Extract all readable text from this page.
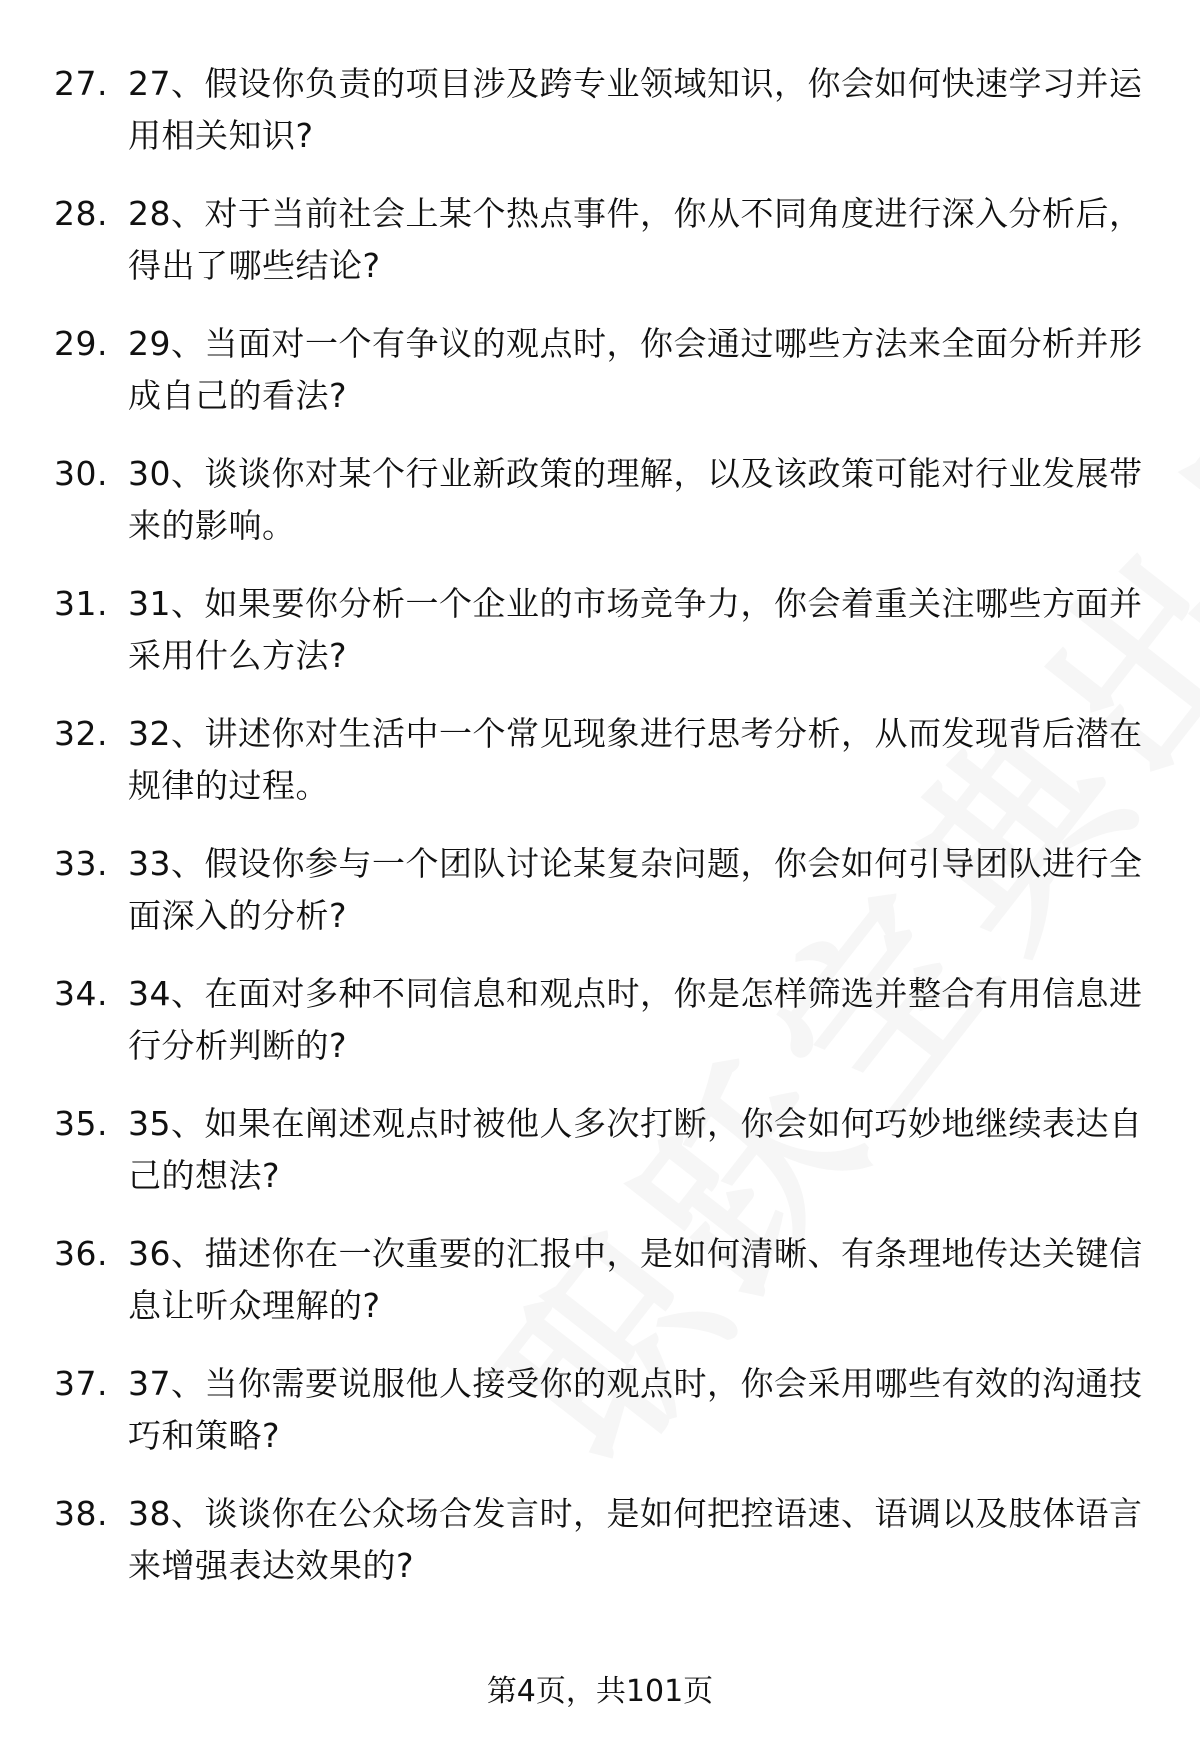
27. 27、假设你负责的项目涉及跨专业领域知识，你会如何快速学习并运用相关知识?
28. 28、对于当前社会上某个热点事件，你从不同角度进行深入分析后，得出了哪些结论?
29. 29、当面对一个有争议的观点时，你会通过哪些方法来全面分析并形成自己的看法?
30. 30、谈谈你对某个行业新政策的理解，以及该政策可能对行业发展带来的影响。
31. 31、如果要你分析一个企业的市场竞争力，你会着重关注哪些方面并采用什么方法?
32. 32、讲述你对生活中一个常见现象进行思考分析，从而发现背后潜在规律的过程。
33. 33、假设你参与一个团队讨论某复杂问题，你会如何引导团队进行全面深入的分析?
34. 34、在面对多种不同信息和观点时，你是怎样筛选并整合有用信息进行分析判断的?
35. 35、如果在阐述观点时被他人多次打断，你会如何巧妙地继续表达自己的想法?
36. 36、描述你在一次重要的汇报中，是如何清晰、有条理地传达关键信息让听众理解的?
37. 37、当你需要说服他人接受你的观点时，你会采用哪些有效的沟通技巧和策略?
38. 38、谈谈你在公众场合发言时，是如何把控语速、语调以及肢体语言来增强表达效果的?
第4页，共101页
